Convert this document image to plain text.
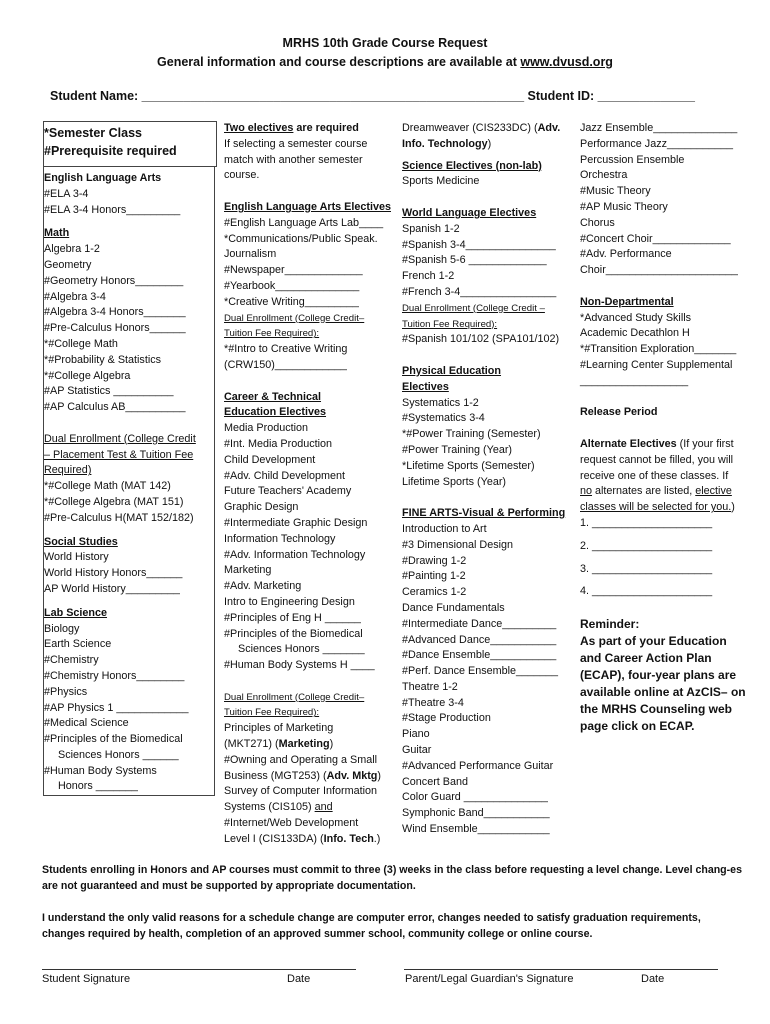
MRHS 10th Grade Course Request
General information and course descriptions are available at www.dvusd.org
Student Name: _______________________________________________________ Student ID: ______________
*Semester Class
#Prerequisite required
English Language Arts
#ELA 3-4
#ELA 3-4 Honors_________
Math
Algebra 1-2
Geometry
#Geometry Honors________
#Algebra 3-4
#Algebra 3-4 Honors_______
#Pre-Calculus Honors______
*#College Math
*#Probability & Statistics
*#College Algebra
#AP Statistics __________
#AP Calculus AB__________
Dual Enrollment (College Credit
– Placement Test & Tuition Fee
Required)
*#College Math (MAT 142)
*#College Algebra (MAT 151)
#Pre-Calculus H(MAT 152/182)
Social Studies
World History
World History Honors______
AP World History_________
Lab Science
Biology
Earth Science
#Chemistry
#Chemistry Honors________
#Physics
#AP Physics 1 ____________
#Medical Science
#Principles of the Biomedical
Sciences Honors ______
#Human Body Systems
Honors _______
Two electives are required
If selecting a semester course
match with another semester
course.
English Language Arts Electives
#English Language Arts Lab____
*Communications/Public Speak.
Journalism
#Newspaper_____________
#Yearbook______________
*Creative Writing_________
Dual Enrollment (College Credit–
Tuition Fee Required):
*#Intro to Creative Writing
(CRW150)____________
Career & Technical
Education Electives
Media Production
#Int. Media Production
Child Development
#Adv. Child Development
Future Teachers' Academy
Graphic Design
#Intermediate Graphic Design
Information Technology
#Adv. Information Technology
Marketing
#Adv. Marketing
Intro to Engineering Design
#Principles of Eng H ______
#Principles of the Biomedical
Sciences Honors _______
#Human Body Systems H ____
Dual Enrollment (College Credit–
Tuition Fee Required):
Principles of Marketing
(MKT271) (Marketing)
#Owning and Operating a Small
Business (MGT253) (Adv. Mktg)
Survey of Computer Information
Systems (CIS105) and
#Internet/Web Development
Level I (CIS133DA) (Info. Tech.)
Dreamweaver (CIS233DC) (Adv.
Info. Technology)
Science Electives (non-lab)
Sports Medicine
World Language Electives
Spanish 1-2
#Spanish 3-4_______________
#Spanish 5-6 _____________
French 1-2
#French 3-4________________
Dual Enrollment (College Credit –
Tuition Fee Required):
#Spanish 101/102 (SPA101/102)
Physical Education
Electives
Systematics 1-2
#Systematics 3-4
*#Power Training (Semester)
#Power Training (Year)
*Lifetime Sports (Semester)
Lifetime Sports (Year)
FINE ARTS-Visual & Performing
Introduction to Art
#3 Dimensional Design
#Drawing 1-2
#Painting 1-2
Ceramics 1-2
Dance Fundamentals
#Intermediate Dance_________
#Advanced Dance___________
#Dance Ensemble___________
#Perf. Dance Ensemble_______
Theatre 1-2
#Theatre 3-4
#Stage Production
Piano
Guitar
#Advanced Performance Guitar
Concert Band
Color Guard ______________
Symphonic Band___________
Wind Ensemble____________
Jazz Ensemble______________
Performance Jazz___________
Percussion Ensemble
Orchestra
#Music Theory
#AP Music Theory
Chorus
#Concert Choir_____________
#Adv. Performance
Choir______________________
Non-Departmental
*Advanced Study Skills
Academic Decathlon H
*#Transition Exploration_______
#Learning Center Supplemental
__________________
Release Period
Alternate Electives (If your first
request cannot be filled, you will
receive one of these classes. If
no alternates are listed, elective
classes will be selected for you.)
1. ____________________
2. ____________________
3. ____________________
4. ____________________
Reminder:
As part of your Education
and Career Action Plan
(ECAP), four-year plans are
available online at AzCIS– on
the MRHS Counseling web
page click on ECAP.
Students enrolling in Honors and AP courses must commit to three (3) weeks in the class before requesting a level change. Level chang-es are not guaranteed and must be supported by appropriate documentation.
I understand the only valid reasons for a schedule change are computer error, changes needed to satisfy graduation requirements, changes required by health, completion of an approved summer school, community college or online course.
Student Signature	Date	Parent/Legal Guardian's Signature	Date
